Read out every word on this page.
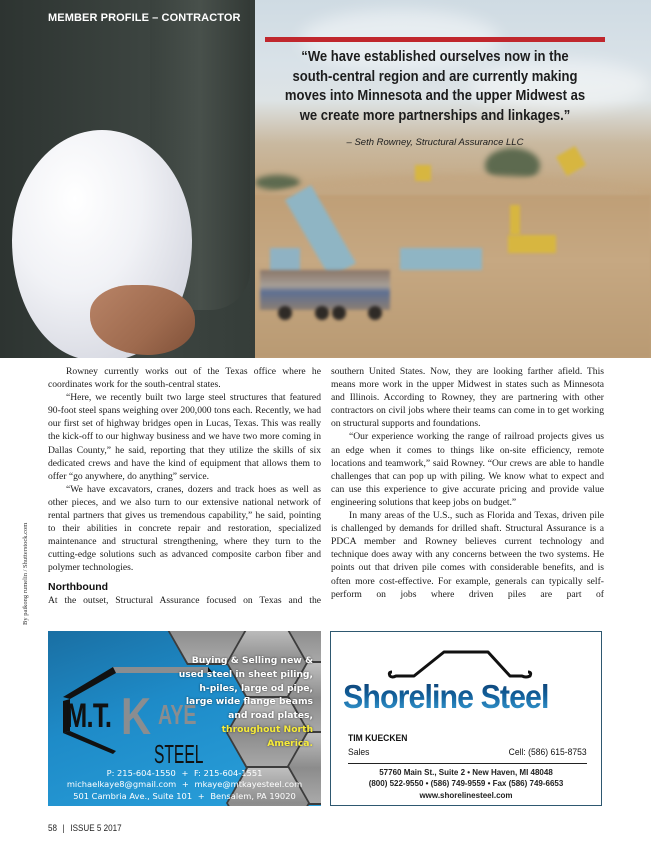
MEMBER PROFILE – CONTRACTOR
“We have established ourselves now in the south-central region and are currently making moves into Minnesota and the upper Midwest as we create more partnerships and linkages.”
– Seth Rowney, Structural Assurance LLC
By paikong rumelin / Shutterstock.com

Rowney currently works out of the Texas office where he coordinates work for the south-central states.

“Here, we recently built two large steel structures that featured 90-foot steel spans weighing over 200,000 tons each. Recently, we had our first set of highway bridges open in Lucas, Texas. This was really the kick-off to our highway business and we have two more coming in Dallas County,” he said, reporting that they utilize the skills of six dedicated crews and have the kind of equipment that allows them to offer “go anywhere, do anything” service.

“We have excavators, cranes, dozers and track hoes as well as other pieces, and we also turn to our extensive national network of rental partners that gives us tremendous capability,” he said, pointing to their abilities in concrete repair and restoration, specialized maintenance and structural strengthening, where they turn to the cutting-edge solutions such as advanced composite carbon fiber and polymer technologies.

Northbound

At the outset, Structural Assurance focused on Texas and the

southern United States. Now, they are looking farther afield. This means more work in the upper Midwest in states such as Minnesota and Illinois. According to Rowney, they are partnering with other contractors on civil jobs where their teams can come in to get working on structural supports and foundations.

“Our experience working the range of railroad projects gives us an edge when it comes to things like on-site efficiency, remote locations and teamwork,” said Rowney. “Our crews are able to handle challenges that can pop up with piling. We know what to expect and can use this experience to give accurate pricing and provide value engineering solutions that keep jobs on budget.”

In many areas of the U.S., such as Florida and Texas, driven pile is challenged by demands for drilled shaft. Structural Assurance is a PDCA member and Rowney believes current technology and technique does away with any concerns between the two systems. He points out that driven pile comes with considerable benefits, and is often more cost-effective. For example, generals can typically self-perform on jobs where driven piles are part of

M.T. K AYE
STEEL
Buying & Selling new & used steel in sheet piling, h-piles, large od pipe, large wide flange beams and road plates, throughout North America.
P: 215-604-1550 + F: 215-604-1551
michaelkaye8@gmail.com + mkaye@mtkayesteel.com
501 Cambria Ave., Suite 101 + Bensalem, PA 19020
Shoreline Steel
TIM KUECKEN
Sales	Cell: (586) 615-8753
57760 Main St., Suite 2 • New Haven, MI 48048
(800) 522-9550 • (586) 749-9559 • Fax (586) 749-6653
www.shorelinesteel.com
58 | ISSUE 5 2017
